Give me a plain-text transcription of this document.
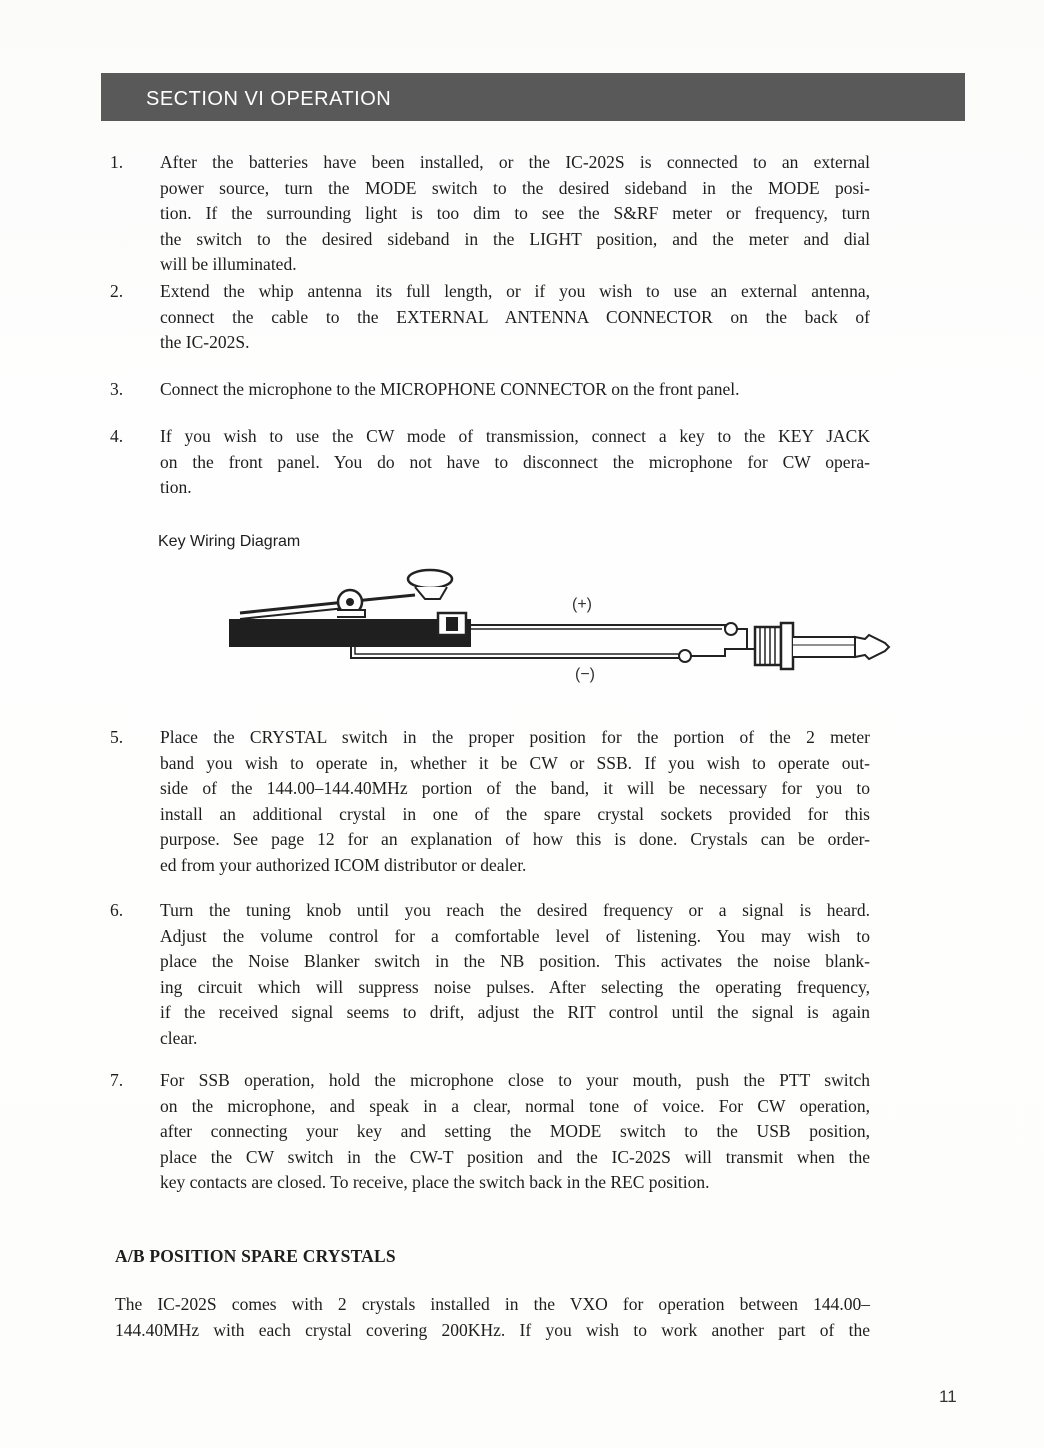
SECTION VI OPERATION
1. After the batteries have been installed, or the IC-202S is connected to an external
power source, turn the MODE switch to the desired sideband in the MODE posi-
tion. If the surrounding light is too dim to see the S&RF meter or frequency, turn
the switch to the desired sideband in the LIGHT position, and the meter and dial
will be illuminated.
2. Extend the whip antenna its full length, or if you wish to use an external antenna,
connect the cable to the EXTERNAL ANTENNA CONNECTOR on the back of
the IC-202S.
3. Connect the microphone to the MICROPHONE CONNECTOR on the front panel.
4. If you wish to use the CW mode of transmission, connect a key to the KEY JACK
on the front panel. You do not have to disconnect the microphone for CW opera-
tion.
Key Wiring Diagram
(+)
(−)
5. Place the CRYSTAL switch in the proper position for the portion of the 2 meter
band you wish to operate in, whether it be CW or SSB. If you wish to operate out-
side of the 144.00–144.40MHz portion of the band, it will be necessary for you to
install an additional crystal in one of the spare crystal sockets provided for this
purpose. See page 12 for an explanation of how this is done. Crystals can be order-
ed from your authorized ICOM distributor or dealer.
6. Turn the tuning knob until you reach the desired frequency or a signal is heard.
Adjust the volume control for a comfortable level of listening. You may wish to
place the Noise Blanker switch in the NB position. This activates the noise blank-
ing circuit which will suppress noise pulses. After selecting the operating frequency,
if the received signal seems to drift, adjust the RIT control until the signal is again
clear.
7. For SSB operation, hold the microphone close to your mouth, push the PTT switch
on the microphone, and speak in a clear, normal tone of voice. For CW operation,
after connecting your key and setting the MODE switch to the USB position,
place the CW switch in the CW-T position and the IC-202S will transmit when the
key contacts are closed. To receive, place the switch back in the REC position.
A/B POSITION SPARE CRYSTALS
The IC-202S comes with 2 crystals installed in the VXO for operation between 144.00–
144.40MHz with each crystal covering 200KHz. If you wish to work another part of the
11
